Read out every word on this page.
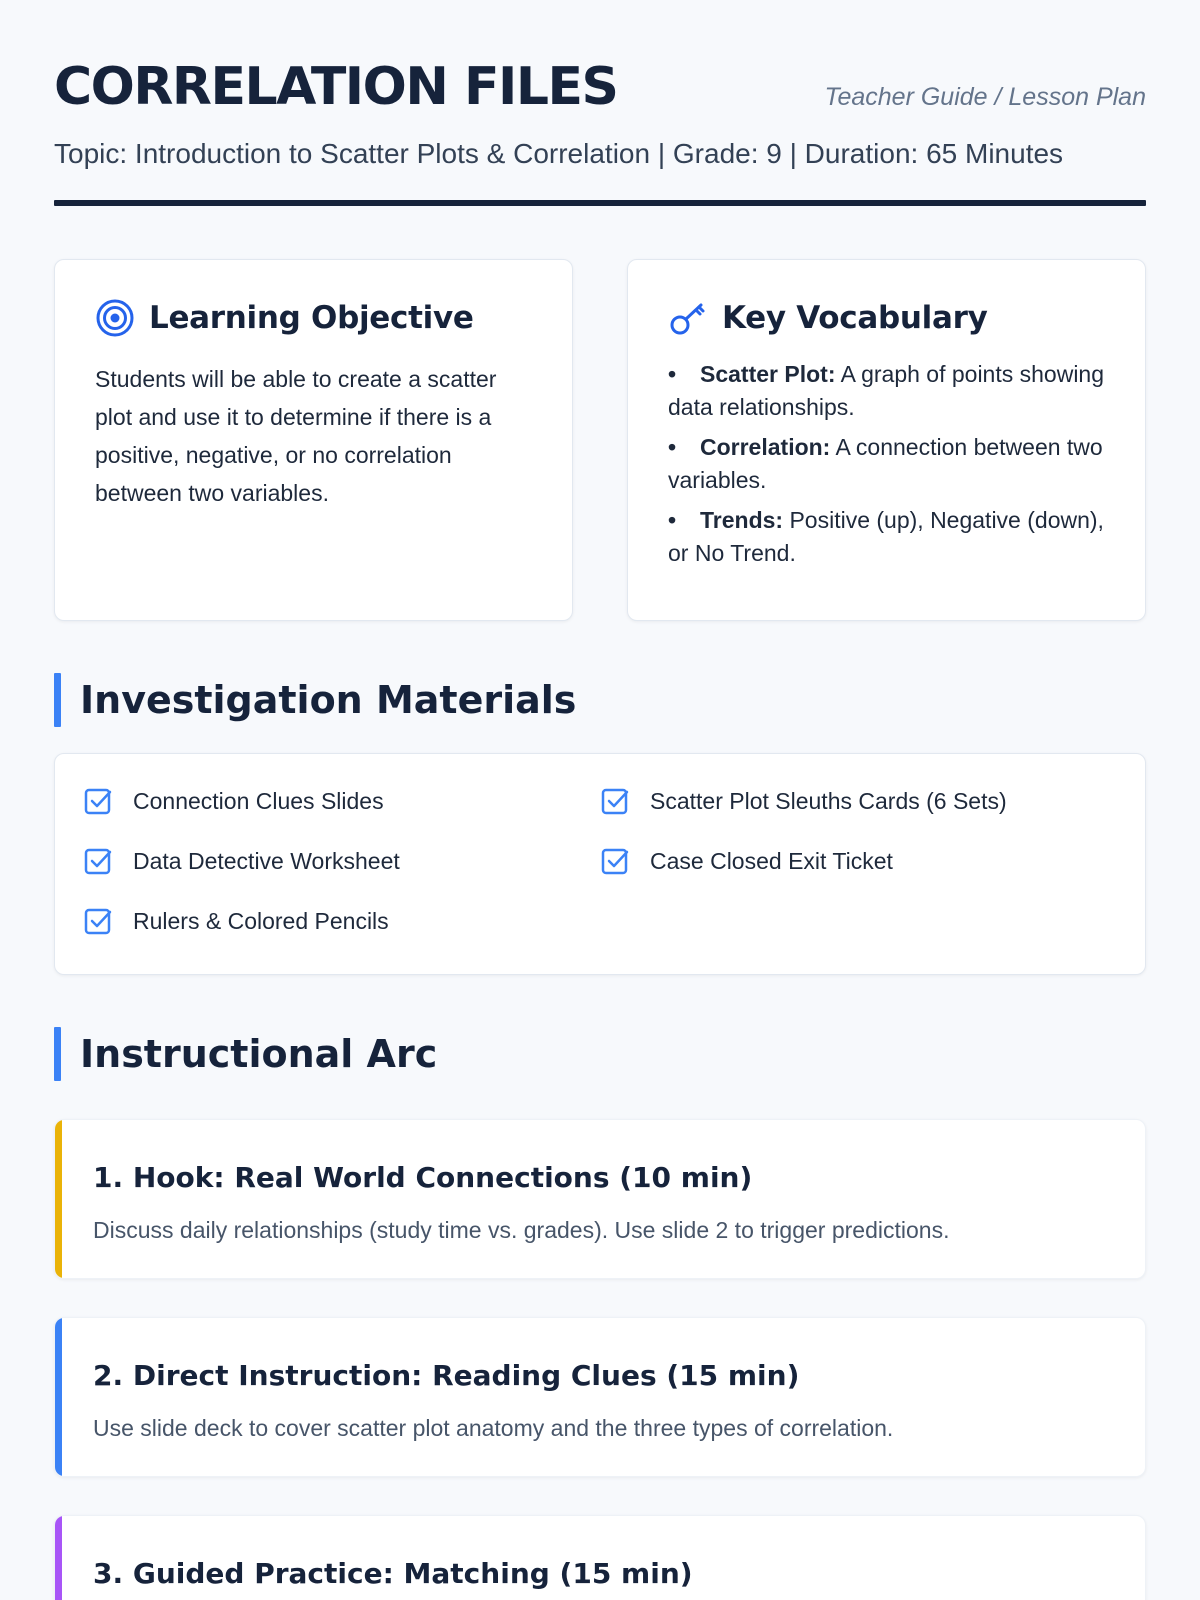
CORRELATION FILES	Teacher Guide / Lesson Plan
Topic: Introduction to Scatter Plots & Correlation | Grade: 9 | Duration: 65 Minutes
Learning Objective

Students will be able to create a scatter plot and use it to determine if there is a positive, negative, or no correlation between two variables.

Key Vocabulary
• Scatter Plot: A graph of points showing data relationships.
• Correlation: A connection between two variables.
• Trends: Positive (up), Negative (down), or No Trend.
Investigation Materials
Connection Clues Slides	Scatter Plot Sleuths Cards (6 Sets)
Data Detective Worksheet	Case Closed Exit Ticket
Rulers & Colored Pencils
Instructional Arc
1. Hook: Real World Connections (10 min)

Discuss daily relationships (study time vs. grades). Use slide 2 to trigger predictions.

2. Direct Instruction: Reading Clues (15 min)

Use slide deck to cover scatter plot anatomy and the three types of correlation.

3. Guided Practice: Matching (15 min)
